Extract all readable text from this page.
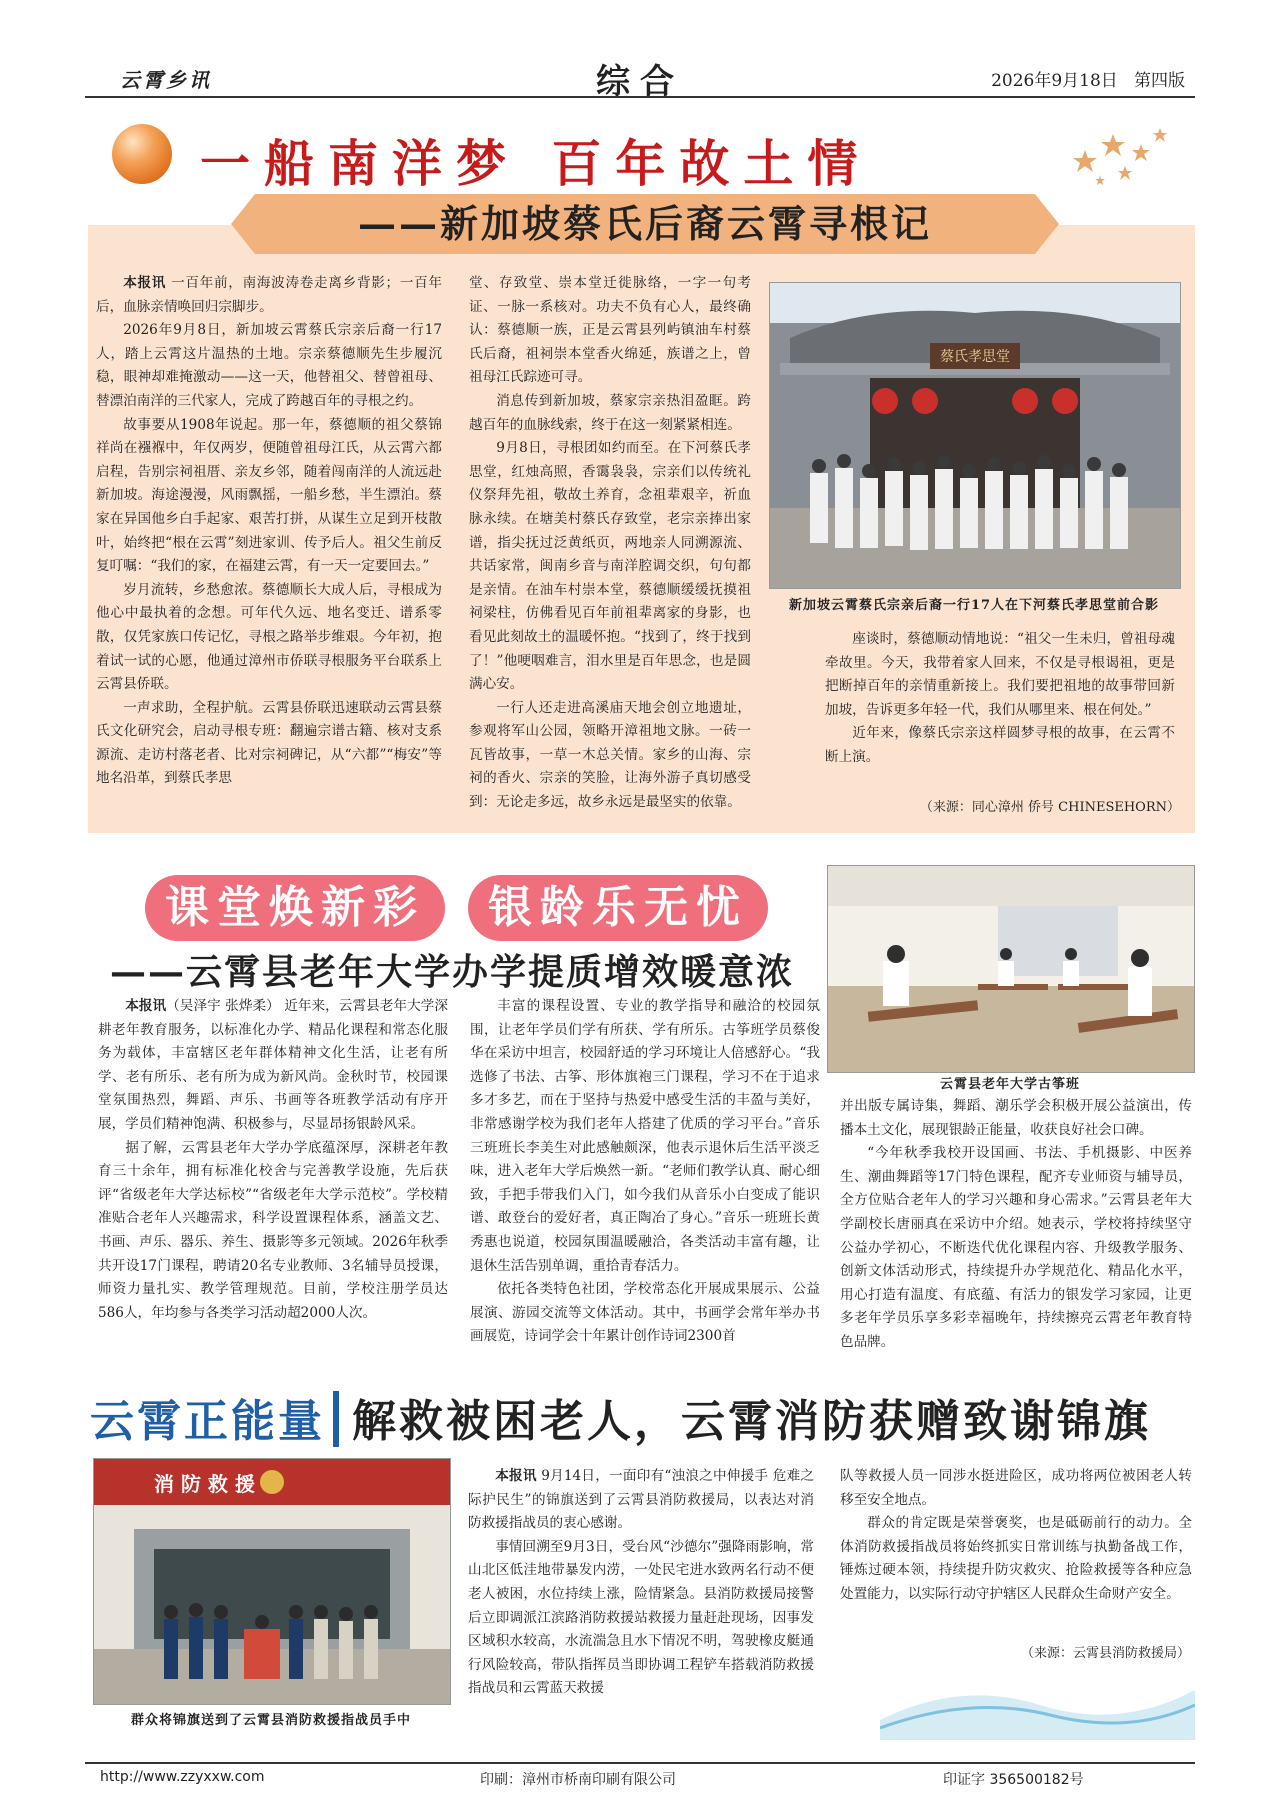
云霄乡讯	综合	2026年9月18日 第四版
一船南洋梦 百年故土情
——新加坡蔡氏后裔云霄寻根记

本报讯 一百年前，南海波涛卷走离乡背影；一百年后，血脉亲情唤回归宗脚步。

2026年9月8日，新加坡云霄蔡氏宗亲后裔一行17人，踏上云霄这片温热的土地。宗亲蔡德顺先生步履沉稳，眼神却难掩激动——这一天，他替祖父、替曾祖母、替漂泊南洋的三代家人，完成了跨越百年的寻根之约。

故事要从1908年说起。那一年，蔡德顺的祖父蔡锦祥尚在襁褓中，年仅两岁，便随曾祖母江氏，从云霄六都启程，告别宗祠祖厝、亲友乡邻，随着闯南洋的人流远赴新加坡。海途漫漫，风雨飘摇，一船乡愁，半生漂泊。蔡家在异国他乡白手起家、艰苦打拼，从谋生立足到开枝散叶，始终把“根在云霄”刻进家训、传予后人。祖父生前反复叮嘱：“我们的家，在福建云霄，有一天一定要回去。”

岁月流转，乡愁愈浓。蔡德顺长大成人后，寻根成为他心中最执着的念想。可年代久远、地名变迁、谱系零散，仅凭家族口传记忆，寻根之路举步维艰。今年初，抱着试一试的心愿，他通过漳州市侨联寻根服务平台联系上云霄县侨联。

一声求助，全程护航。云霄县侨联迅速联动云霄县蔡氏文化研究会，启动寻根专班：翻遍宗谱古籍、核对支系源流、走访村落老者、比对宗祠碑记，从“六都”“梅安”等地名沿革，到蔡氏孝思

堂、存致堂、崇本堂迁徙脉络，一字一句考证、一脉一系核对。功夫不负有心人，最终确认：蔡德顺一族，正是云霄县列屿镇油车村蔡氏后裔，祖祠崇本堂香火绵延，族谱之上，曾祖母江氏踪迹可寻。

消息传到新加坡，蔡家宗亲热泪盈眶。跨越百年的血脉线索，终于在这一刻紧紧相连。

9月8日，寻根团如约而至。在下河蔡氏孝思堂，红烛高照，香霭袅袅，宗亲们以传统礼仪祭拜先祖，敬故土养育，念祖辈艰辛，祈血脉永续。在塘美村蔡氏存致堂，老宗亲捧出家谱，指尖抚过泛黄纸页，两地亲人同溯源流、共话家常，闽南乡音与南洋腔调交织，句句都是亲情。在油车村崇本堂，蔡德顺缓缓抚摸祖祠梁柱，仿佛看见百年前祖辈离家的身影，也看见此刻故土的温暖怀抱。“找到了，终于找到了！”他哽咽难言，泪水里是百年思念，也是圆满心安。

一行人还走进高溪庙天地会创立地遗址，参观将军山公园，领略开漳祖地文脉。一砖一瓦皆故事，一草一木总关情。家乡的山海、宗祠的香火、宗亲的笑脸，让海外游子真切感受到：无论走多远，故乡永远是最坚实的依靠。

蔡氏孝思堂
新加坡云霄蔡氏宗亲后裔一行17人在下河蔡氏孝思堂前合影

座谈时，蔡德顺动情地说：“祖父一生未归，曾祖母魂牵故里。今天，我带着家人回来，不仅是寻根谒祖，更是把断掉百年的亲情重新接上。我们要把祖地的故事带回新加坡，告诉更多年轻一代，我们从哪里来、根在何处。”

近年来，像蔡氏宗亲这样圆梦寻根的故事，在云霄不断上演。

（来源：同心漳州 侨号 CHINESEHORN）
课堂焕新彩	银龄乐无忧
——云霄县老年大学办学提质增效暖意浓
云霄县老年大学古筝班

本报讯（吴泽宇 张烨柔） 近年来，云霄县老年大学深耕老年教育服务，以标准化办学、精品化课程和常态化服务为载体，丰富辖区老年群体精神文化生活，让老有所学、老有所乐、老有所为成为新风尚。金秋时节，校园课堂氛围热烈，舞蹈、声乐、书画等各班教学活动有序开展，学员们精神饱满、积极参与，尽显昂扬银龄风采。

据了解，云霄县老年大学办学底蕴深厚，深耕老年教育三十余年，拥有标准化校舍与完善教学设施，先后获评“省级老年大学达标校”“省级老年大学示范校”。学校精准贴合老年人兴趣需求，科学设置课程体系，涵盖文艺、书画、声乐、器乐、养生、摄影等多元领域。2026年秋季共开设17门课程，聘请20名专业教师、3名辅导员授课，师资力量扎实、教学管理规范。目前，学校注册学员达586人，年均参与各类学习活动超2000人次。

丰富的课程设置、专业的教学指导和融洽的校园氛围，让老年学员们学有所获、学有所乐。古筝班学员蔡俊华在采访中坦言，校园舒适的学习环境让人倍感舒心。“我选修了书法、古筝、形体旗袍三门课程，学习不在于追求多才多艺，而在于坚持与热爱中感受生活的丰盈与美好，非常感谢学校为我们老年人搭建了优质的学习平台。”音乐三班班长李美生对此感触颇深，他表示退休后生活平淡乏味，进入老年大学后焕然一新。“老师们教学认真、耐心细致，手把手带我们入门，如今我们从音乐小白变成了能识谱、敢登台的爱好者，真正陶冶了身心。”音乐一班班长黄秀惠也说道，校园氛围温暖融洽，各类活动丰富有趣，让退休生活告别单调，重拾青春活力。

依托各类特色社团，学校常态化开展成果展示、公益展演、游园交流等文体活动。其中，书画学会常年举办书画展览，诗词学会十年累计创作诗词2300首

并出版专属诗集，舞蹈、潮乐学会积极开展公益演出，传播本土文化，展现银龄正能量，收获良好社会口碑。

“今年秋季我校开设国画、书法、手机摄影、中医养生、潮曲舞蹈等17门特色课程，配齐专业师资与辅导员，全方位贴合老年人的学习兴趣和身心需求。”云霄县老年大学副校长唐丽真在采访中介绍。她表示，学校将持续坚守公益办学初心，不断迭代优化课程内容、升级教学服务、创新文体活动形式，持续提升办学规范化、精品化水平，用心打造有温度、有底蕴、有活力的银发学习家园，让更多老年学员乐享多彩幸福晚年，持续擦亮云霄老年教育特色品牌。

云霄正能量 解救被困老人，云霄消防获赠致谢锦旗
消 防 救 援
群众将锦旗送到了云霄县消防救援指战员手中

本报讯 9月14日，一面印有“浊浪之中伸援手 危难之际护民生”的锦旗送到了云霄县消防救援局，以表达对消防救援指战员的衷心感谢。

事情回溯至9月3日，受台风“沙德尔”强降雨影响，常山北区低洼地带暴发内涝，一处民宅进水致两名行动不便老人被困，水位持续上涨，险情紧急。县消防救援局接警后立即调派江滨路消防救援站救援力量赶赴现场，因事发区域积水较高，水流湍急且水下情况不明，驾驶橡皮艇通行风险较高，带队指挥员当即协调工程铲车搭载消防救援指战员和云霄蓝天救援

队等救援人员一同涉水挺进险区，成功将两位被困老人转移至安全地点。

群众的肯定既是荣誉褒奖，也是砥砺前行的动力。全体消防救援指战员将始终抓实日常训练与执勤备战工作，锤炼过硬本领，持续提升防灾救灾、抢险救援等各种应急处置能力，以实际行动守护辖区人民群众生命财产安全。

（来源：云霄县消防救援局）
http://www.zzyxxw.com	印刷：漳州市桥南印刷有限公司	印证字 356500182号
